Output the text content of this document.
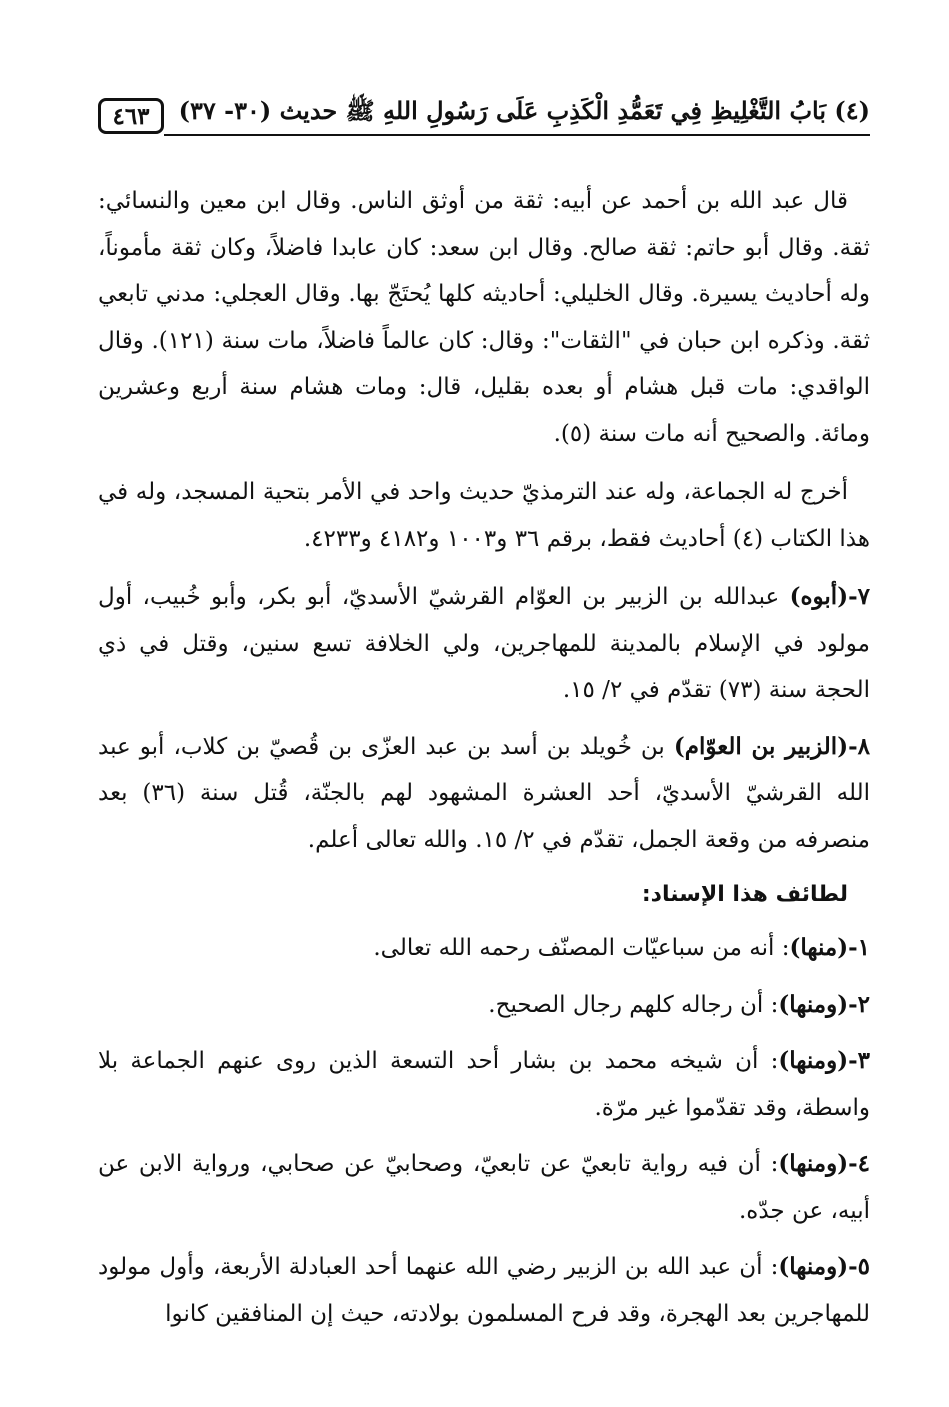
٤٦٣ (٤) بَابُ التَّغْلِيظِ فِي تَعَمُّدِ الْكَذِبِ عَلَى رَسُولِ اللهِ ﷺ حديث (٣٠- ٣٧)

قال عبد الله بن أحمد عن أبيه: ثقة من أوثق الناس. وقال ابن معين والنسائي: ثقة. وقال أبو حاتم: ثقة صالح. وقال ابن سعد: كان عابدا فاضلاً، وكان ثقة مأموناً، وله أحاديث يسيرة. وقال الخليلي: أحاديثه كلها يُحتَجّ بها. وقال العجلي: مدني تابعي ثقة. وذكره ابن حبان في "الثقات": وقال: كان عالماً فاضلاً، مات سنة (١٢١). وقال الواقدي: مات قبل هشام أو بعده بقليل، قال: ومات هشام سنة أربع وعشرين ومائة. والصحيح أنه مات سنة (٥).

أخرج له الجماعة، وله عند الترمذيّ حديث واحد في الأمر بتحية المسجد، وله في هذا الكتاب (٤) أحاديث فقط، برقم ٣٦ و١٠٠٣ و٤١٨٢ و٤٢٣٣.

٧-(أبوه) عبدالله بن الزبير بن العوّام القرشيّ الأسديّ، أبو بكر، وأبو خُبيب، أول مولود في الإسلام بالمدينة للمهاجرين، ولي الخلافة تسع سنين، وقتل في ذي الحجة سنة (٧٣) تقدّم في ٢/ ١٥.

٨-(الزبير بن العوّام) بن خُويلد بن أسد بن عبد العزّى بن قُصيّ بن كلاب، أبو عبد الله القرشيّ الأسديّ، أحد العشرة المشهود لهم بالجنّة، قُتل سنة (٣٦) بعد منصرفه من وقعة الجمل، تقدّم في ٢/ ١٥. والله تعالى أعلم.

لطائف هذا الإسناد:

١-(منها): أنه من سباعيّات المصنّف رحمه الله تعالى.

٢-(ومنها): أن رجاله كلهم رجال الصحيح.

٣-(ومنها): أن شيخه محمد بن بشار أحد التسعة الذين روى عنهم الجماعة بلا واسطة، وقد تقدّموا غير مرّة.

٤-(ومنها): أن فيه رواية تابعيّ عن تابعيّ، وصحابيّ عن صحابي، ورواية الابن عن أبيه، عن جدّه.

٥-(ومنها): أن عبد الله بن الزبير رضي الله عنهما أحد العبادلة الأربعة، وأول مولود للمهاجرين بعد الهجرة، وقد فرح المسلمون بولادته، حيث إن المنافقين كانوا
